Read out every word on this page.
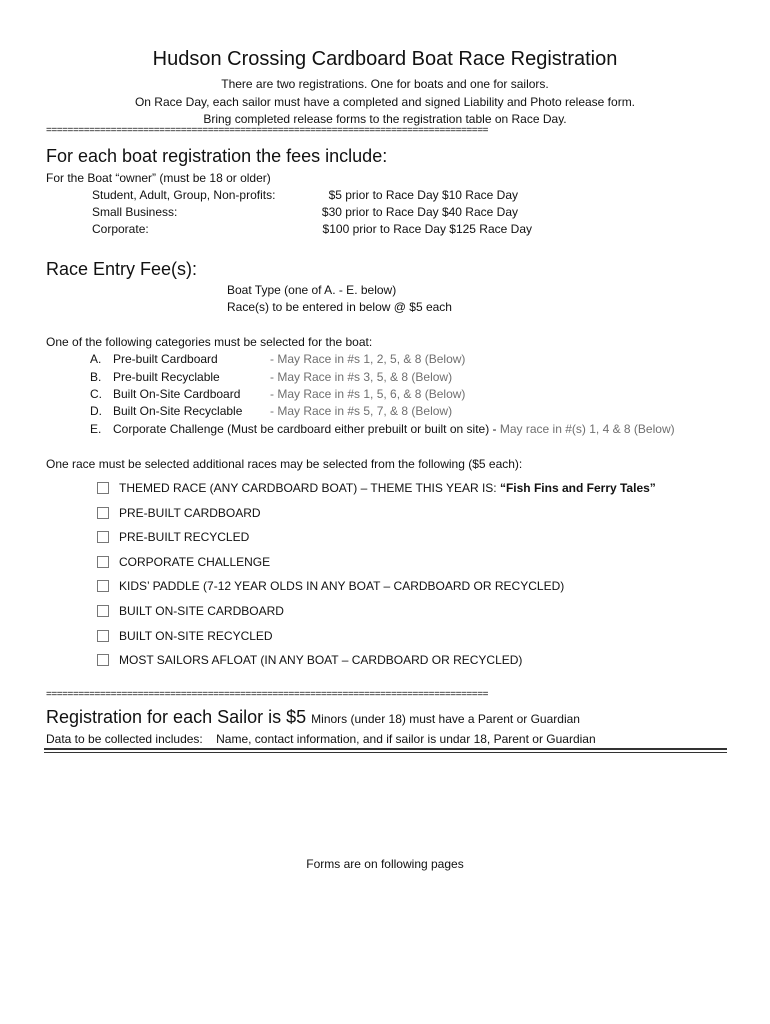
Hudson Crossing Cardboard Boat Race Registration
There are two registrations. One for boats and one for sailors.
On Race Day, each sailor must have a completed and signed Liability and Photo release form.
Bring completed release forms to the registration table on Race Day.
==================================================================================
For each boat registration the fees include:
For the Boat “owner” (must be 18 or older)
Student, Adult, Group, Non-profits:	$5 prior to Race Day $10 Race Day
Small Business:	$30 prior to Race Day $40 Race Day
Corporate:	$100 prior to Race Day $125 Race Day
Race Entry Fee(s):
Boat Type (one of A. - E. below)
Race(s) to be entered in below @ $5 each
One of the following categories must be selected for the boat:
A. Pre-built Cardboard	- May Race in #s 1, 2, 5, & 8 (Below)
B. Pre-built Recyclable	- May Race in #s 3, 5, & 8 (Below)
C. Built On-Site Cardboard - May Race in #s 1, 5, 6, & 8 (Below)
D. Built On-Site Recyclable - May Race in #s 5, 7, & 8 (Below)
E. Corporate Challenge (Must be cardboard either prebuilt or built on site) - May race in #(s) 1, 4 & 8 (Below)
One race must be selected additional races may be selected from the following ($5 each):
THEMED RACE (ANY CARDBOARD BOAT) – THEME THIS YEAR IS: “Fish Fins and Ferry Tales”
PRE-BUILT CARDBOARD
PRE-BUILT RECYCLED
CORPORATE CHALLENGE
KIDS’ PADDLE (7-12 YEAR OLDS IN ANY BOAT – CARDBOARD OR RECYCLED)
BUILT ON-SITE CARDBOARD
BUILT ON-SITE RECYCLED
MOST SAILORS AFLOAT (IN ANY BOAT – CARDBOARD OR RECYCLED)
==================================================================================
Registration for each Sailor is $5 Minors (under 18) must have a Parent or Guardian
Data to be collected includes: Name, contact information, and if sailor is undar 18, Parent or Guardian
Forms are on following pages
